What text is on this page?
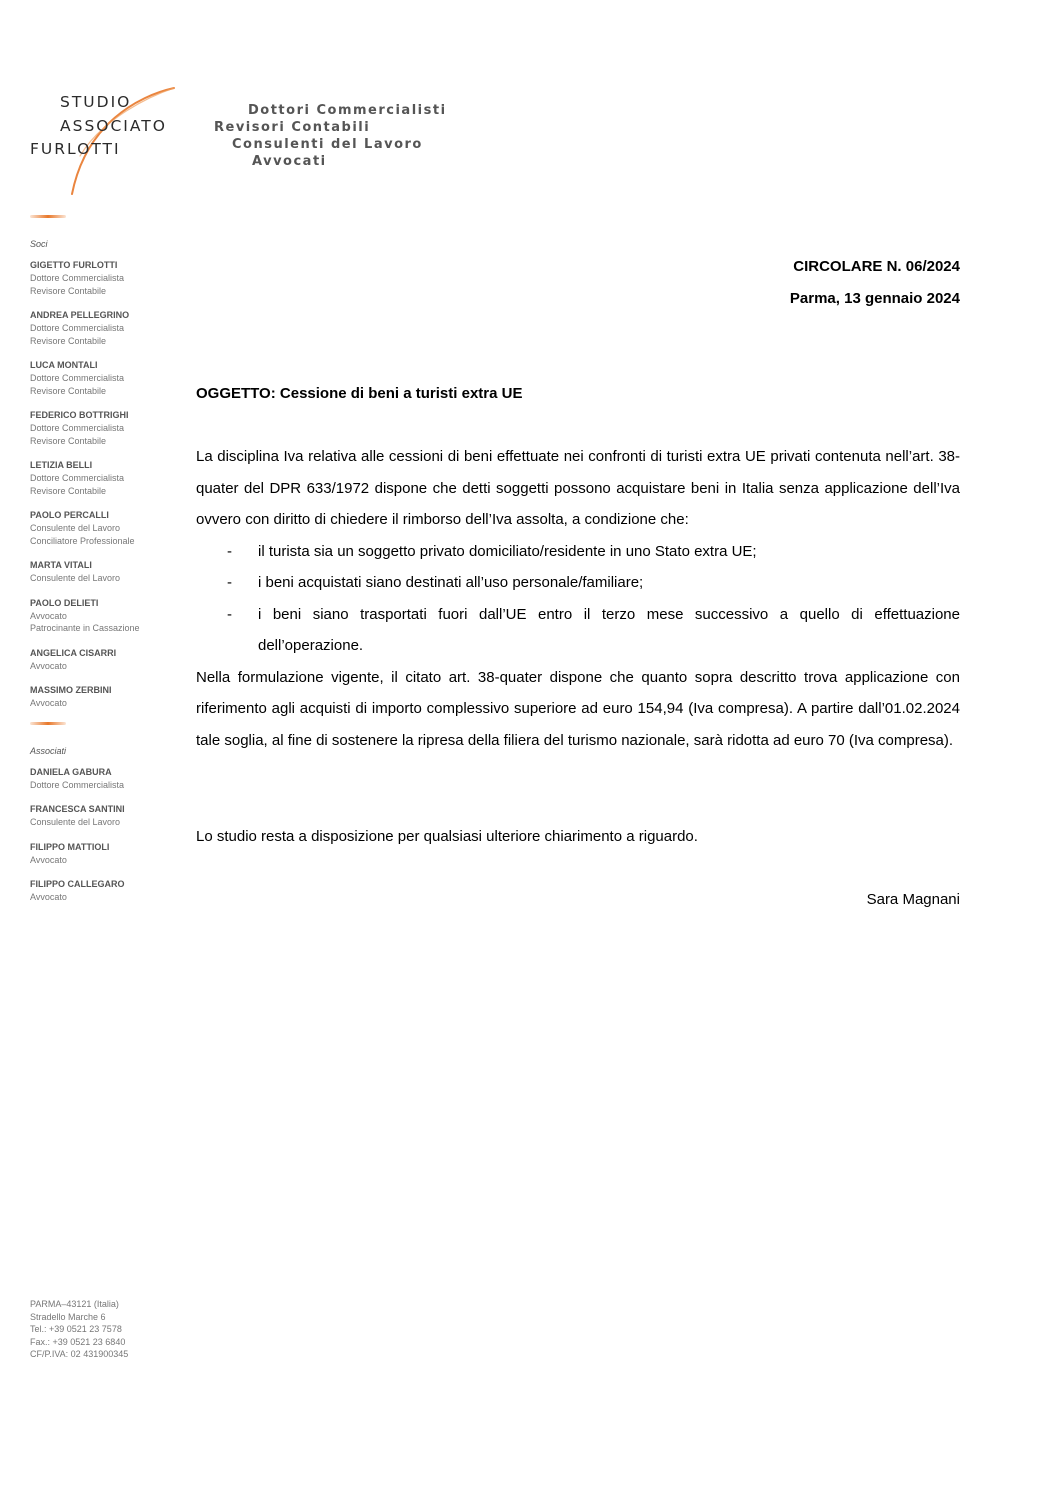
STUDIO
ASSOCIATO
FURLOTTI
Dottori Commercialisti
Revisori Contabili
Consulenti del Lavoro
Avvocati
Soci
GIGETTO FURLOTTI
Dottore Commercialista
Revisore Contabile
ANDREA PELLEGRINO
Dottore Commercialista
Revisore Contabile
LUCA MONTALI
Dottore Commercialista
Revisore Contabile
FEDERICO BOTTRIGHI
Dottore Commercialista
Revisore Contabile
LETIZIA BELLI
Dottore Commercialista
Revisore Contabile
PAOLO PERCALLI
Consulente del Lavoro
Conciliatore Professionale
MARTA VITALI
Consulente del Lavoro
PAOLO DELIETI
Avvocato
Patrocinante in Cassazione
ANGELICA CISARRI
Avvocato
MASSIMO ZERBINI
Avvocato
Associati
DANIELA GABURA
Dottore Commercialista
FRANCESCA SANTINI
Consulente del Lavoro
FILIPPO MATTIOLI
Avvocato
FILIPPO CALLEGARO
Avvocato
PARMA–43121 (Italia)
Stradello Marche 6
Tel.: +39 0521 23 7578
Fax.: +39 0521 23 6840
CF/P.IVA: 02 431900345
CIRCOLARE N. 06/2024
Parma, 13 gennaio 2024
OGGETTO: Cessione di beni a turisti extra UE

La disciplina Iva relativa alle cessioni di beni effettuate nei confronti di turisti extra UE privati contenuta nell’art. 38-quater del DPR 633/1972 dispone che detti soggetti possono acquistare beni in Italia senza applicazione dell’Iva ovvero con diritto di chiedere il rimborso dell’Iva assolta, a condizione che:

- il turista sia un soggetto privato domiciliato/residente in uno Stato extra UE;
- i beni acquistati siano destinati all’uso personale/familiare;
- i beni siano trasportati fuori dall’UE entro il terzo mese successivo a quello di effettuazione dell’operazione.

Nella formulazione vigente, il citato art. 38-quater dispone che quanto sopra descritto trova applicazione con riferimento agli acquisti di importo complessivo superiore ad euro 154,94 (Iva compresa). A partire dall’01.02.2024 tale soglia, al fine di sostenere la ripresa della filiera del turismo nazionale, sarà ridotta ad euro 70 (Iva compresa).

Lo studio resta a disposizione per qualsiasi ulteriore chiarimento a riguardo.
Sara Magnani
